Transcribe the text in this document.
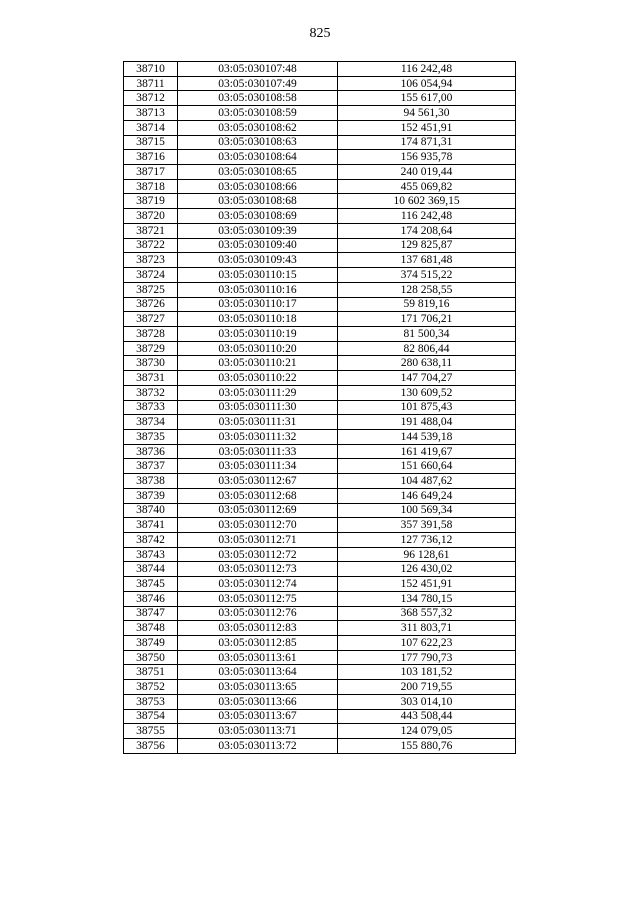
825
38710	03:05:030107:48	116 242,48
38711	03:05:030107:49	106 054,94
38712	03:05:030108:58	155 617,00
38713	03:05:030108:59	94 561,30
38714	03:05:030108:62	152 451,91
38715	03:05:030108:63	174 871,31
38716	03:05:030108:64	156 935,78
38717	03:05:030108:65	240 019,44
38718	03:05:030108:66	455 069,82
38719	03:05:030108:68	10 602 369,15
38720	03:05:030108:69	116 242,48
38721	03:05:030109:39	174 208,64
38722	03:05:030109:40	129 825,87
38723	03:05:030109:43	137 681,48
38724	03:05:030110:15	374 515,22
38725	03:05:030110:16	128 258,55
38726	03:05:030110:17	59 819,16
38727	03:05:030110:18	171 706,21
38728	03:05:030110:19	81 500,34
38729	03:05:030110:20	82 806,44
38730	03:05:030110:21	280 638,11
38731	03:05:030110:22	147 704,27
38732	03:05:030111:29	130 609,52
38733	03:05:030111:30	101 875,43
38734	03:05:030111:31	191 488,04
38735	03:05:030111:32	144 539,18
38736	03:05:030111:33	161 419,67
38737	03:05:030111:34	151 660,64
38738	03:05:030112:67	104 487,62
38739	03:05:030112:68	146 649,24
38740	03:05:030112:69	100 569,34
38741	03:05:030112:70	357 391,58
38742	03:05:030112:71	127 736,12
38743	03:05:030112:72	96 128,61
38744	03:05:030112:73	126 430,02
38745	03:05:030112:74	152 451,91
38746	03:05:030112:75	134 780,15
38747	03:05:030112:76	368 557,32
38748	03:05:030112:83	311 803,71
38749	03:05:030112:85	107 622,23
38750	03:05:030113:61	177 790,73
38751	03:05:030113:64	103 181,52
38752	03:05:030113:65	200 719,55
38753	03:05:030113:66	303 014,10
38754	03:05:030113:67	443 508,44
38755	03:05:030113:71	124 079,05
38756	03:05:030113:72	155 880,76
